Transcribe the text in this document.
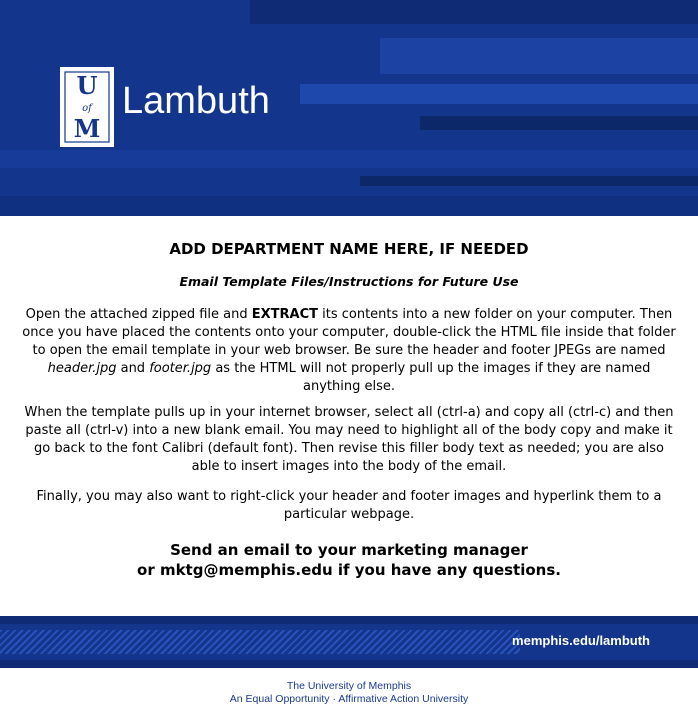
U
of
M
Lambuth
ADD DEPARTMENT NAME HERE, IF NEEDED
Email Template Files/Instructions for Future Use

Open the attached zipped file and EXTRACT its contents into a new folder on your computer. Then once you have placed the contents onto your computer, double-click the HTML file inside that folder to open the email template in your web browser. Be sure the header and footer JPEGs are named header.jpg and footer.jpg as the HTML will not properly pull up the images if they are named anything else.

When the template pulls up in your internet browser, select all (ctrl-a) and copy all (ctrl-c) and then paste all (ctrl-v) into a new blank email. You may need to highlight all of the body copy and make it go back to the font Calibri (default font). Then revise this filler body text as needed; you are also able to insert images into the body of the email.

Finally, you may also want to right-click your header and footer images and hyperlink them to a particular webpage.

Send an email to your marketing manager
or mktg@memphis.edu if you have any questions.
memphis.edu/lambuth
The University of Memphis
An Equal Opportunity · Affirmative Action University
